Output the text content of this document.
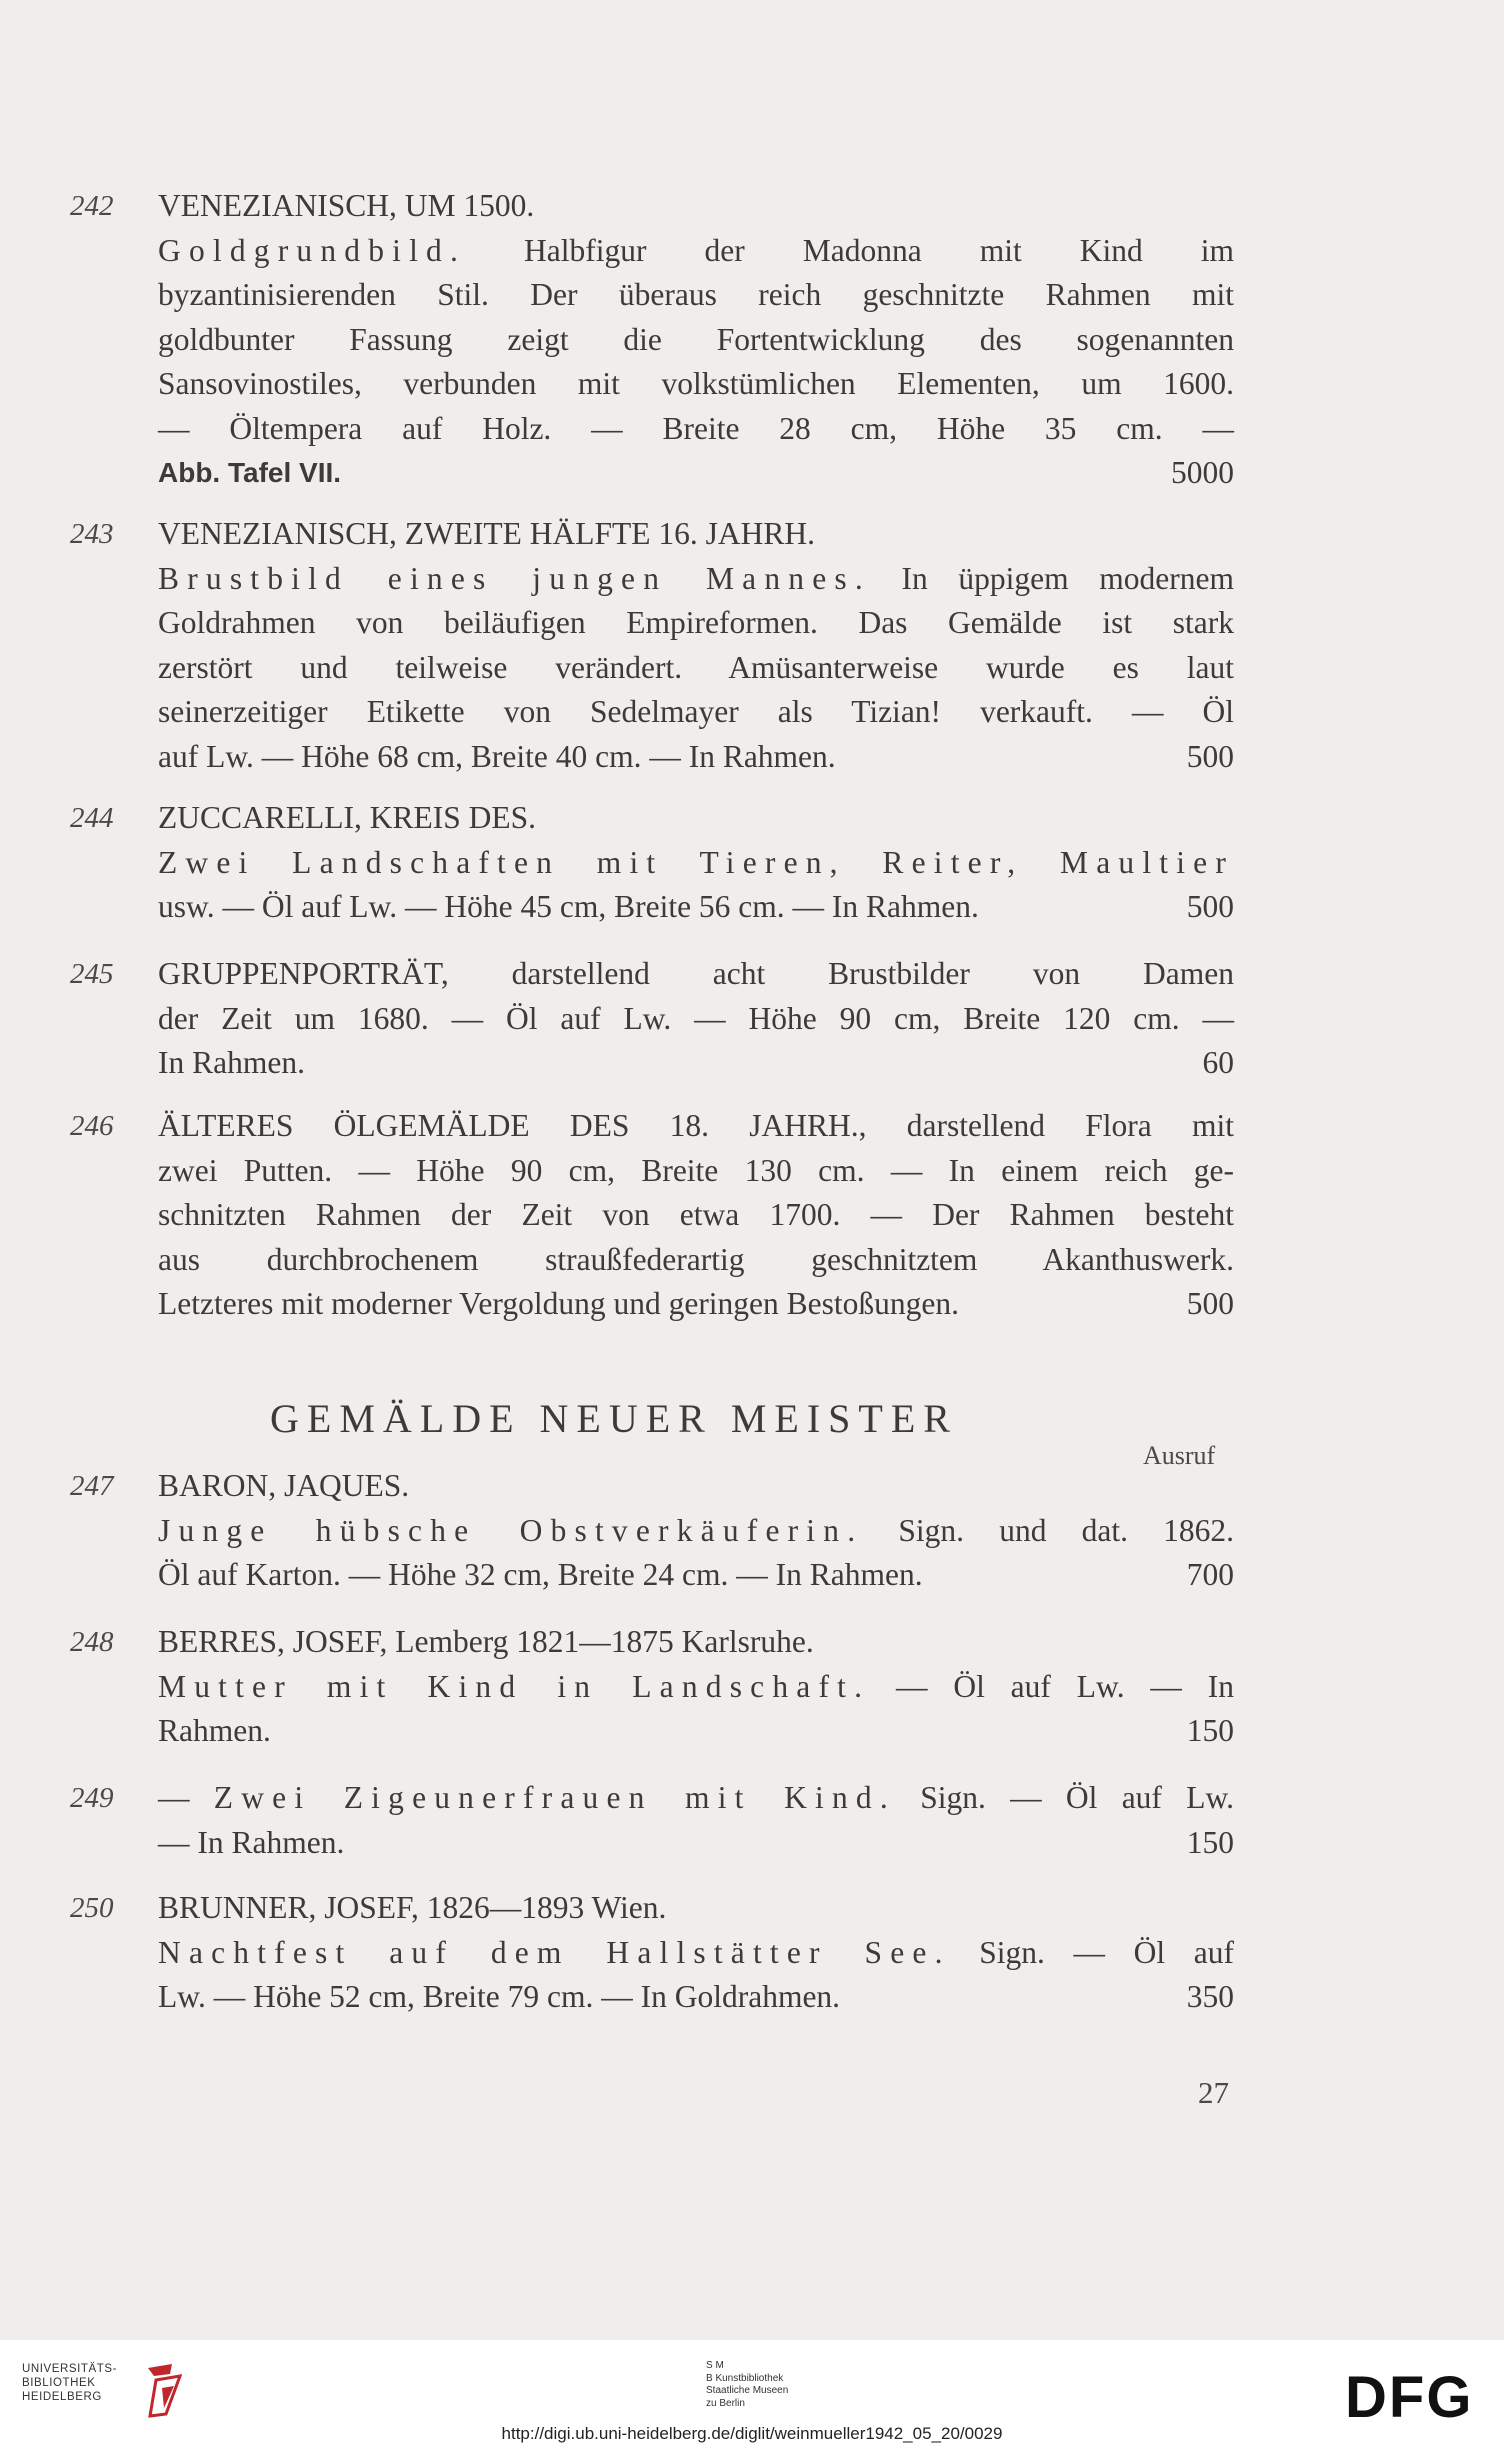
242 VENEZIANISCH, UM 1500.
Goldgrundbild. Halbfigur der Madonna mit Kind im
byzantinisierenden Stil. Der überaus reich geschnitzte Rahmen mit
goldbunter Fassung zeigt die Fortentwicklung des sogenannten
Sansovinostiles, verbunden mit volkstümlichen Elementen, um 1600.
— Öltempera auf Holz. — Breite 28 cm, Höhe 35 cm. —
Abb. Tafel VII.	5000
243 VENEZIANISCH, ZWEITE HÄLFTE 16. JAHRH.
Brustbild eines jungen Mannes. In üppigem modernem
Goldrahmen von beiläufigen Empireformen. Das Gemälde ist stark
zerstört und teilweise verändert. Amüsanterweise wurde es laut
seinerzeitiger Etikette von Sedelmayer als Tizian! verkauft. — Öl
auf Lw. — Höhe 68 cm, Breite 40 cm. — In Rahmen.	500
244 ZUCCARELLI, KREIS DES.
Zwei Landschaften mit Tieren, Reiter, Maultier
usw. — Öl auf Lw. — Höhe 45 cm, Breite 56 cm. — In Rahmen.	500
245 GRUPPENPORTRÄT, darstellend acht Brustbilder von Damen
der Zeit um 1680. — Öl auf Lw. — Höhe 90 cm, Breite 120 cm. —
In Rahmen.	60
246 ÄLTERES ÖLGEMÄLDE DES 18. JAHRH., darstellend Flora mit
zwei Putten. — Höhe 90 cm, Breite 130 cm. — In einem reich ge-
schnitzten Rahmen der Zeit von etwa 1700. — Der Rahmen besteht
aus durchbrochenem straußfederartig geschnitztem Akanthuswerk.
Letzteres mit moderner Vergoldung und geringen Bestoßungen.	500
GEMÄLDE NEUER MEISTER
Ausruf
247 BARON, JAQUES.
Junge hübsche Obstverkäuferin. Sign. und dat. 1862.
Öl auf Karton. — Höhe 32 cm, Breite 24 cm. — In Rahmen.	700
248 BERRES, JOSEF, Lemberg 1821—1875 Karlsruhe.
Mutter mit Kind in Landschaft. — Öl auf Lw. — In
Rahmen.	150
249 — Zwei Zigeunerfrauen mit Kind. Sign. — Öl auf Lw.
— In Rahmen.	150
250 BRUNNER, JOSEF, 1826—1893 Wien.
Nachtfest auf dem Hallstätter See. Sign. — Öl auf
Lw. — Höhe 52 cm, Breite 79 cm. — In Goldrahmen.	350
27
UNIVERSITÄTS-
BIBLIOTHEK
HEIDELBERG
S M
B Kunstbibliothek
Staatliche Museen
zu Berlin	DFG
http://digi.ub.uni-heidelberg.de/diglit/weinmueller1942_05_20/0029
